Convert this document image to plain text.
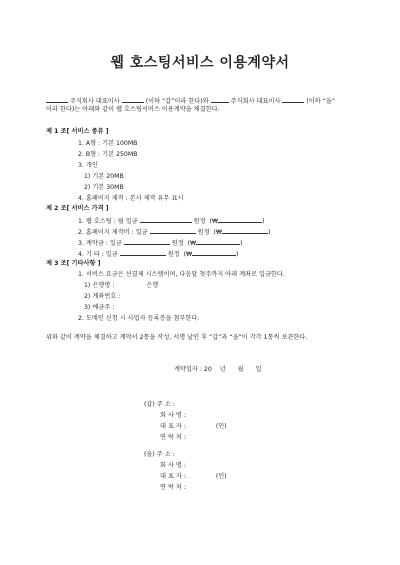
웹 호스팅서비스 이용계약서
주식회사 대표이사	(이하 “갑”이라 한다)와	주식회사 대표이사	(이하 “을”
이라 한다)는 아래와 같이 웹 호스팅서비스 이용계약을 체결한다.
제 1 조[ 서비스 종류 ]
1. A형 : 기본 100MB
2. B형 : 기본 250MB
3. 개인
1) 기본 20MB
2) 기본 30MB
4. 홈페이지 제작 : 본사 제작 유무 표시
제 2 조[ 서비스 가격 ]
1. 웹 호스팅 : 월 일금	원정 (₩	)
2. 홈페이지 제작비 : 일금	원정 (₩	)
3. 계약금 : 일금	원정 (₩	)
4. 기 타 : 일금	원정 (₩	)
제 3 조[ 기타사항 ]
1. 서비스 요금은 선결제 시스템이며, 다음달 첫주까지 아래 계좌로 입금한다.
1) 은행명 :	은행
2) 계좌번호 :
3) 예금주 :
2. 도메인 신청 시 사업자 등록증을 첨부한다.
위와 같이 계약을 체결하고 계약서 2통을 작성, 서명 날인 후 “갑”과 “을”이 각각 1통씩 보관한다.
계약일자 : 20 년 월 일
(갑) 주 소 :
회 사 명 :
대 표 자 :	(인)
연 락 처 :
(을) 주 소 :
회 사 명 :
대 표 자 :	(인)
연 락 처 :
